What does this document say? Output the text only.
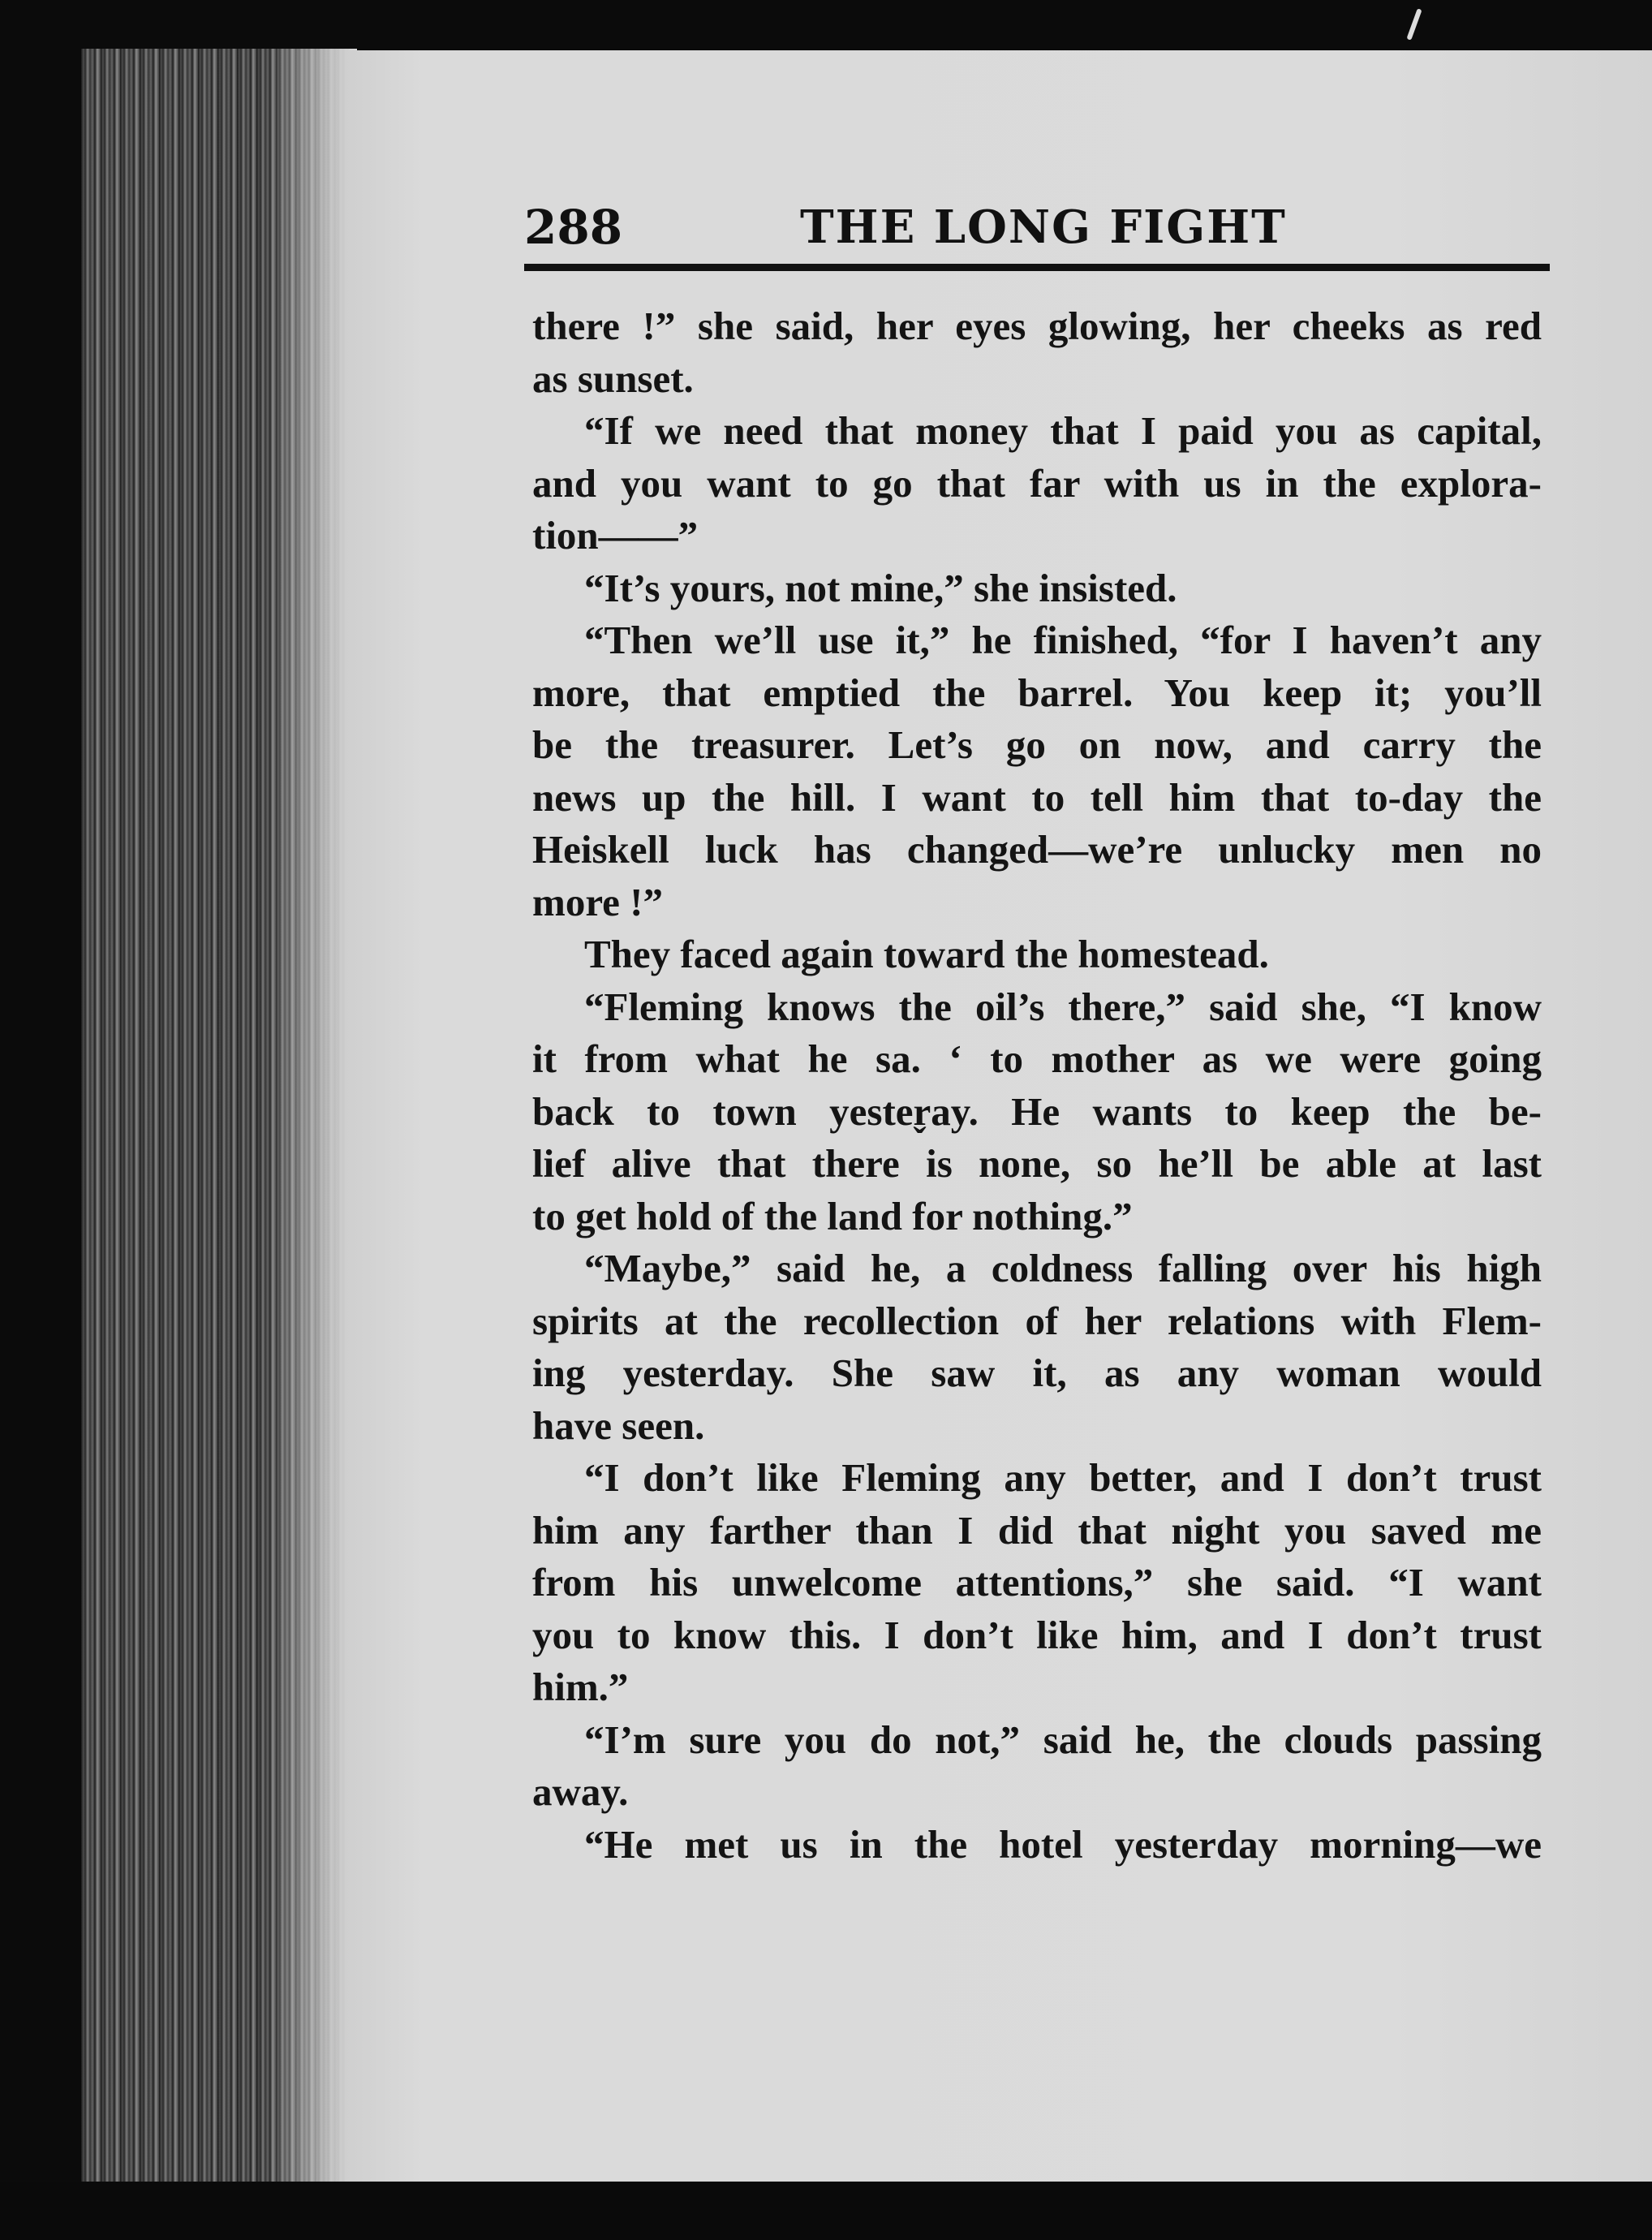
288	THE LONG FIGHT
there !” she said, her eyes glowing, her cheeks as red
as sunset.
“If we need that money that I paid you as capital,
and you want to go that far with us in the explora-
tion——”
“It’s yours, not mine,” she insisted.
“Then we’ll use it,” he finished, “for I haven’t any
more, that emptied the barrel. You keep it; you’ll
be the treasurer. Let’s go on now, and carry the
news up the hill. I want to tell him that to-day the
Heiskell luck has changed—we’re unlucky men no
more !”
They faced again toward the homestead.
“Fleming knows the oil’s there,” said she, “I know
it from what he sa. ‘ to mother as we were going
back to town yester̬ay. He wants to keep the be-
lief alive that there is none, so he’ll be able at last
to get hold of the land for nothing.”
“Maybe,” said he, a coldness falling over his high
spirits at the recollection of her relations with Flem-
ing yesterday. She saw it, as any woman would
have seen.
“I don’t like Fleming any better, and I don’t trust
him any farther than I did that night you saved me
from his unwelcome attentions,” she said. “I want
you to know this. I don’t like him, and I don’t trust
him.”
“I’m sure you do not,” said he, the clouds passing
away.
“He met us in the hotel yesterday morning—we
